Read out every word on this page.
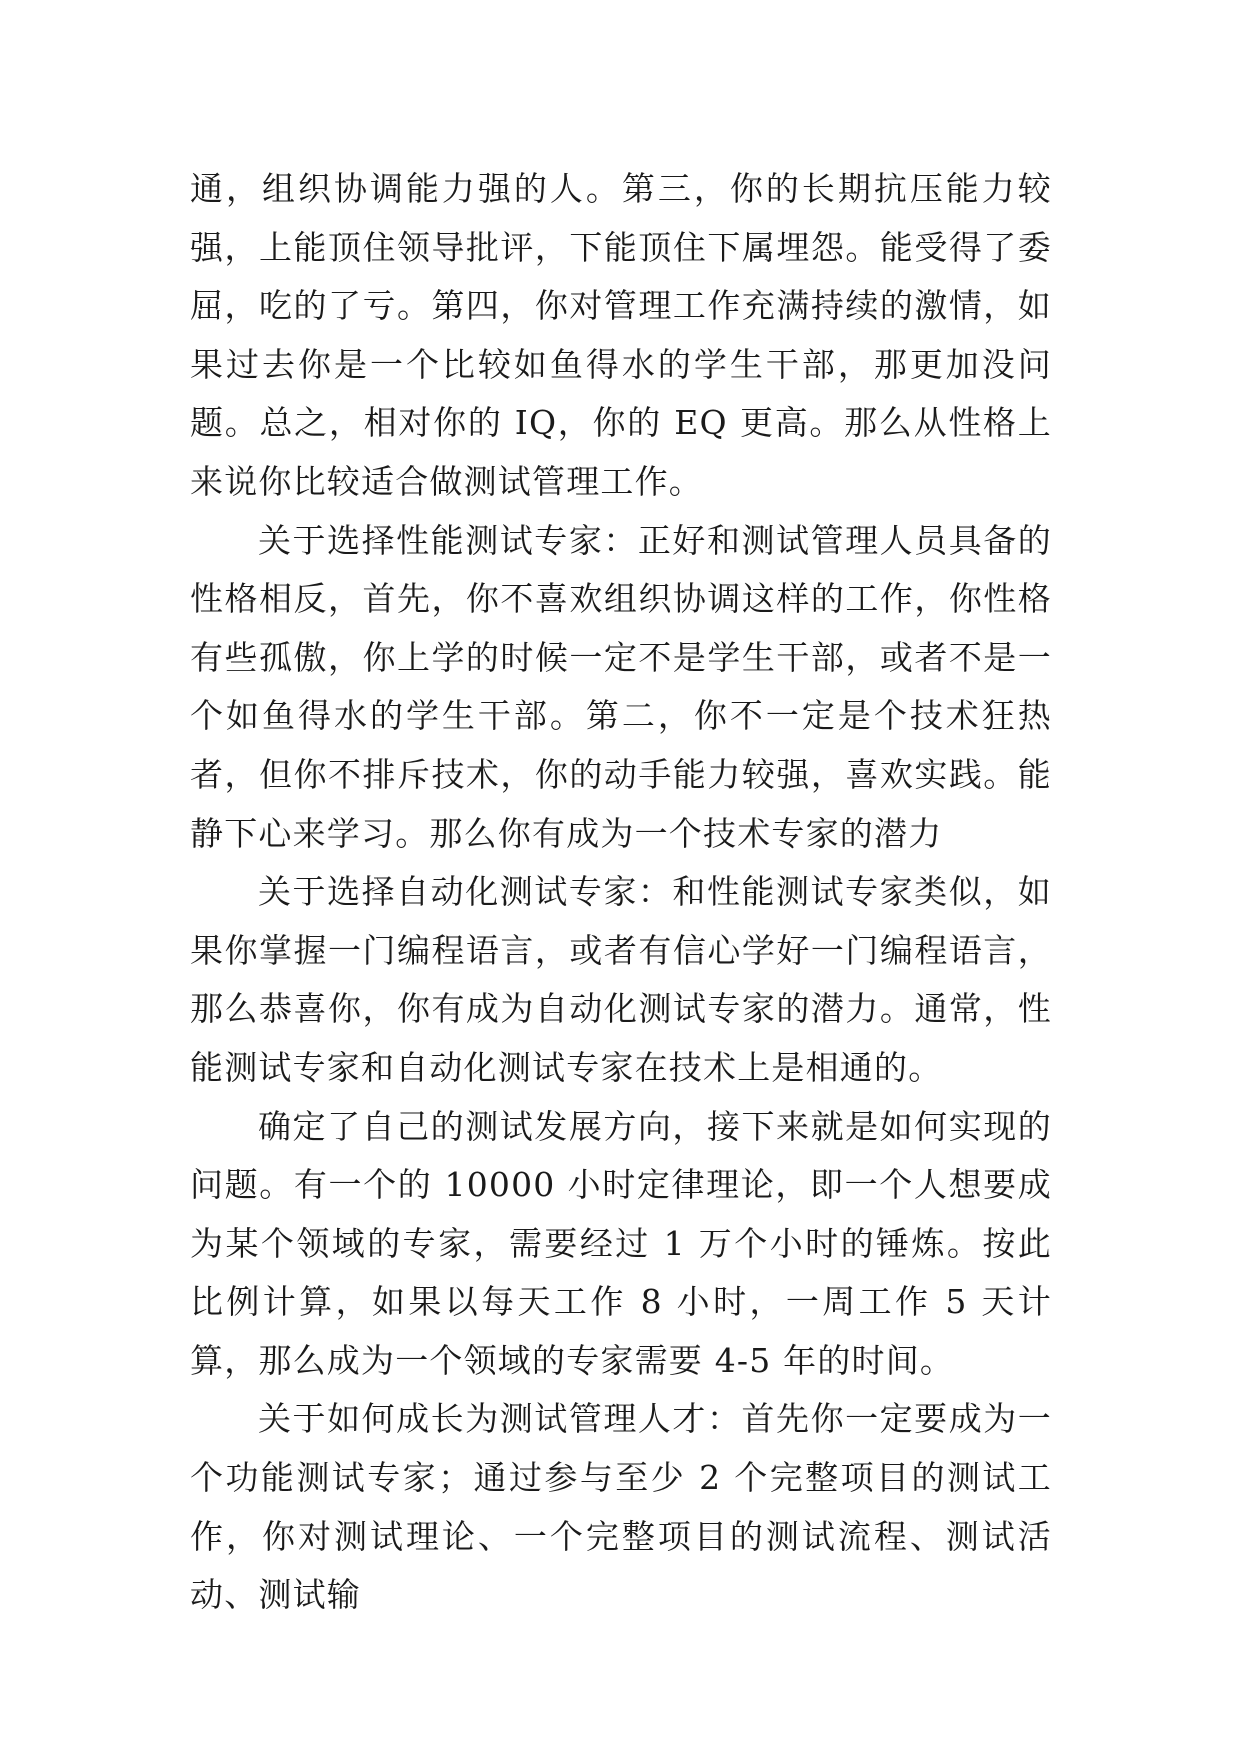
通，组织协调能力强的人。第三，你的长期抗压能力较强，上能顶住领导批评，下能顶住下属埋怨。能受得了委屈，吃的了亏。第四，你对管理工作充满持续的激情，如果过去你是一个比较如鱼得水的学生干部，那更加没问题。总之，相对你的 IQ，你的 EQ 更高。那么从性格上来说你比较适合做测试管理工作。

关于选择性能测试专家：正好和测试管理人员具备的性格相反，首先，你不喜欢组织协调这样的工作，你性格有些孤傲，你上学的时候一定不是学生干部，或者不是一个如鱼得水的学生干部。第二，你不一定是个技术狂热者，但你不排斥技术，你的动手能力较强，喜欢实践。能静下心来学习。那么你有成为一个技术专家的潜力

关于选择自动化测试专家：和性能测试专家类似，如果你掌握一门编程语言，或者有信心学好一门编程语言，那么恭喜你，你有成为自动化测试专家的潜力。通常，性能测试专家和自动化测试专家在技术上是相通的。

确定了自己的测试发展方向，接下来就是如何实现的问题。有一个的 10000 小时定律理论，即一个人想要成为某个领域的专家，需要经过 1 万个小时的锤炼。按此比例计算，如果以每天工作 8 小时，一周工作 5 天计算，那么成为一个领域的专家需要 4-5 年的时间。

关于如何成长为测试管理人才：首先你一定要成为一个功能测试专家；通过参与至少 2 个完整项目的测试工作，你对测试理论、一个完整项目的测试流程、测试活动、测试输
